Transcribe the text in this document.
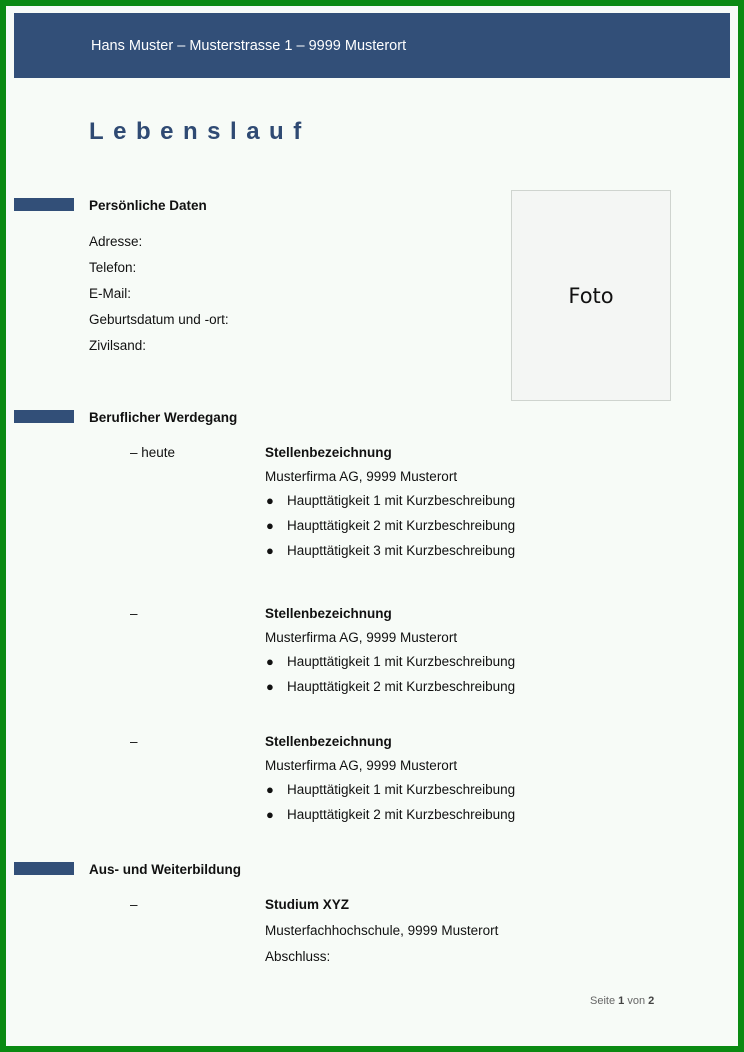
Hans Muster – Musterstrasse 1 – 9999 Musterort
Lebenslauf
Persönliche Daten
Adresse:
Telefon:
E-Mail:
Geburtsdatum und -ort:
Zivilsand:
Foto
Beruflicher Werdegang
– heute	Stellenbezeichnung
Musterfirma AG, 9999 Musterort
● Haupttätigkeit 1 mit Kurzbeschreibung
● Haupttätigkeit 2 mit Kurzbeschreibung
● Haupttätigkeit 3 mit Kurzbeschreibung
–	Stellenbezeichnung
Musterfirma AG, 9999 Musterort
● Haupttätigkeit 1 mit Kurzbeschreibung
● Haupttätigkeit 2 mit Kurzbeschreibung
–	Stellenbezeichnung
Musterfirma AG, 9999 Musterort
● Haupttätigkeit 1 mit Kurzbeschreibung
● Haupttätigkeit 2 mit Kurzbeschreibung
Aus- und Weiterbildung
–	Studium XYZ
Musterfachhochschule, 9999 Musterort
Abschluss:
Seite 1 von 2
